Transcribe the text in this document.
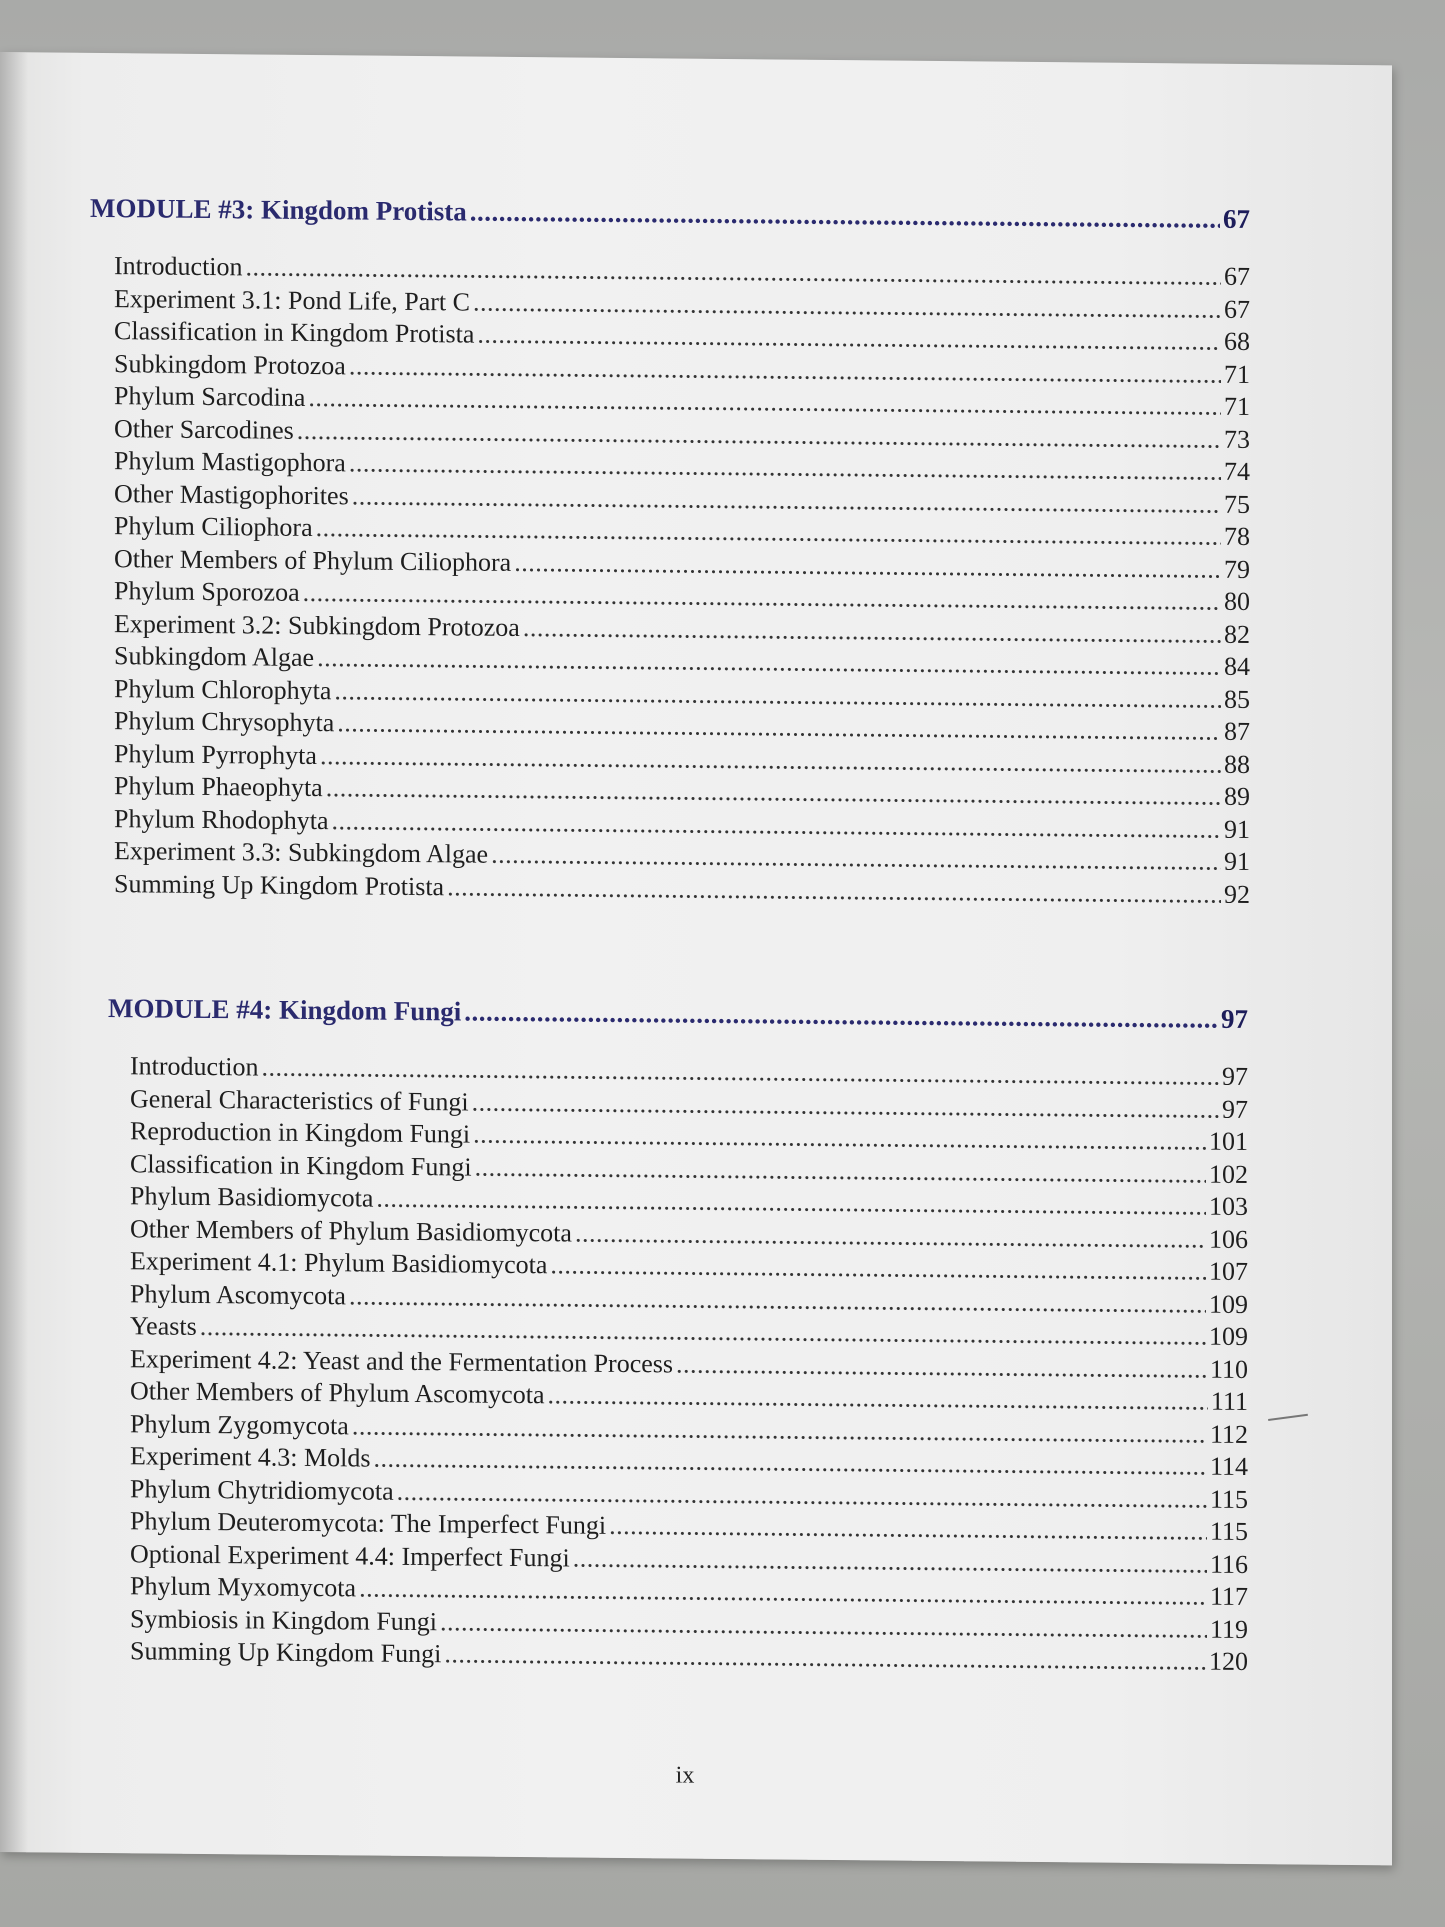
MODULE #3: Kingdom Protista .....	67
Introduction .....	67
Experiment 3.1: Pond Life, Part C .....	67
Classification in Kingdom Protista .....	68
Subkingdom Protozoa .....	71
Phylum Sarcodina .....	71
Other Sarcodines .....	73
Phylum Mastigophora .....	74
Other Mastigophorites .....	75
Phylum Ciliophora .....	78
Other Members of Phylum Ciliophora .....	79
Phylum Sporozoa .....	80
Experiment 3.2: Subkingdom Protozoa .....	82
Subkingdom Algae .....	84
Phylum Chlorophyta .....	85
Phylum Chrysophyta .....	87
Phylum Pyrrophyta .....	88
Phylum Phaeophyta .....	89
Phylum Rhodophyta .....	91
Experiment 3.3: Subkingdom Algae .....	91
Summing Up Kingdom Protista .....	92
MODULE #4: Kingdom Fungi .....	97
Introduction .....	97
General Characteristics of Fungi .....	97
Reproduction in Kingdom Fungi .....	101
Classification in Kingdom Fungi .....	102
Phylum Basidiomycota .....	103
Other Members of Phylum Basidiomycota .....	106
Experiment 4.1: Phylum Basidiomycota .....	107
Phylum Ascomycota .....	109
Yeasts .....	109
Experiment 4.2: Yeast and the Fermentation Process .....	110
Other Members of Phylum Ascomycota .....	111
Phylum Zygomycota .....	112
Experiment 4.3: Molds .....	114
Phylum Chytridiomycota .....	115
Phylum Deuteromycota: The Imperfect Fungi .....	115
Optional Experiment 4.4: Imperfect Fungi .....	116
Phylum Myxomycota .....	117
Symbiosis in Kingdom Fungi .....	119
Summing Up Kingdom Fungi .....	120
ix
